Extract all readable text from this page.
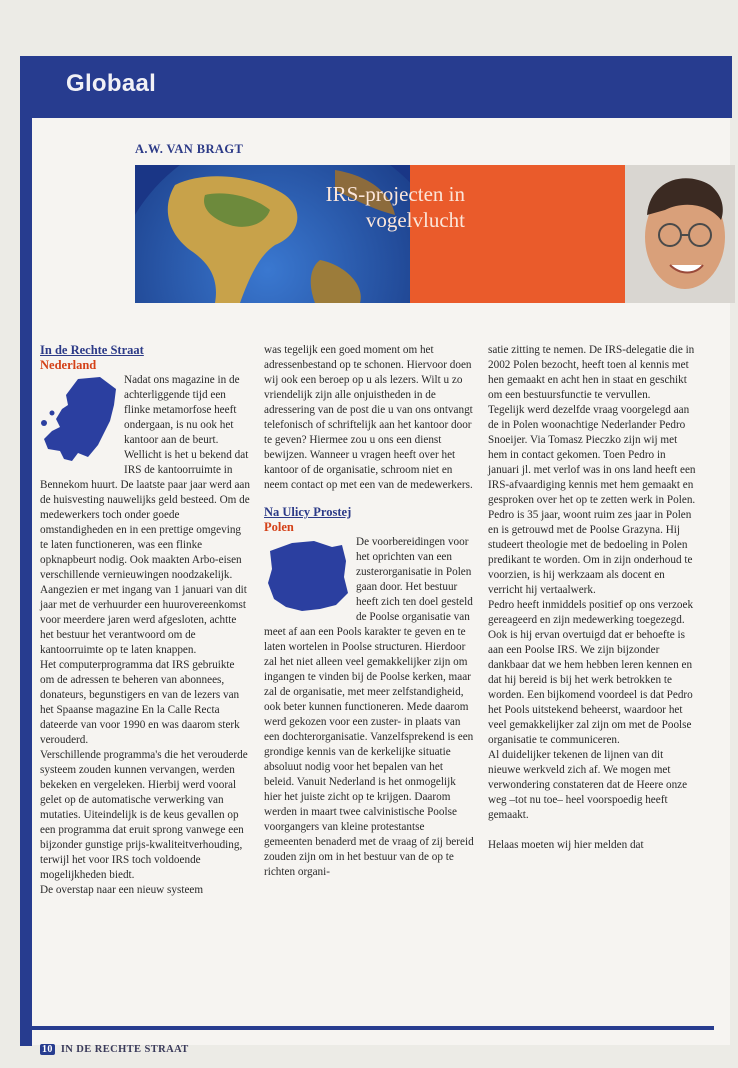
Globaal
A.W. VAN BRAGT
IRS-projecten in
vogelvlucht
In de Rechte Straat
Nederland

Nadat ons magazine in de achterliggende tijd een flinke metamorfose heeft ondergaan, is nu ook het kantoor aan de beurt. Wellicht is het u bekend dat IRS de kantoorruimte in Bennekom huurt. De laatste paar jaar werd aan de huisvesting nauwelijks geld besteed. Om de medewerkers toch onder goede omstandigheden en in een prettige omgeving te laten functioneren, was een flinke opknapbeurt nodig. Ook maakten Arbo-eisen verschillende vernieuwingen noodzakelijk. Aangezien er met ingang van 1 januari van dit jaar met de verhuurder een huurovereenkomst voor meerdere jaren werd afgesloten, achtte het bestuur het verantwoord om de kantoorruimte op te laten knappen.

Het computerprogramma dat IRS gebruikte om de adressen te beheren van abonnees, donateurs, begunstigers en van de lezers van het Spaanse magazine En la Calle Recta dateerde van voor 1990 en was daarom sterk verouderd.

Verschillende programma's die het verouderde systeem zouden kunnen vervangen, werden bekeken en vergeleken. Hierbij werd vooral gelet op de automatische verwerking van mutaties. Uiteindelijk is de keus gevallen op een programma dat eruit sprong vanwege een bijzonder gunstige prijs-kwaliteitverhouding, terwijl het voor IRS toch voldoende mogelijkheden biedt.

De overstap naar een nieuw systeem

was tegelijk een goed moment om het adressenbestand op te schonen. Hiervoor doen wij ook een beroep op u als lezers. Wilt u zo vriendelijk zijn alle onjuistheden in de adressering van de post die u van ons ontvangt telefonisch of schriftelijk aan het kantoor door te geven? Hiermee zou u ons een dienst bewijzen. Wanneer u vragen heeft over het kantoor of de organisatie, schroom niet en neem contact op met een van de medewerkers.

Na Ulicy Prostej
Polen

De voorbereidingen voor het oprichten van een zusterorganisatie in Polen gaan door. Het bestuur heeft zich ten doel gesteld de Poolse organisatie van meet af aan een Pools karakter te geven en te laten wortelen in Poolse structuren. Hierdoor zal het niet alleen veel gemakkelijker zijn om ingangen te vinden bij de Poolse kerken, maar zal de organisatie, met meer zelfstandigheid, ook beter kunnen functioneren. Mede daarom werd gekozen voor een zuster- in plaats van een dochterorganisatie. Vanzelfsprekend is een grondige kennis van de kerkelijke situatie absoluut nodig voor het bepalen van het beleid. Vanuit Nederland is het onmogelijk hier het juiste zicht op te krijgen. Daarom werden in maart twee calvinistische Poolse voorgangers van kleine protestantse gemeenten benaderd met de vraag of zij bereid zouden zijn om in het bestuur van de op te richten organi-

satie zitting te nemen. De IRS-delegatie die in 2002 Polen bezocht, heeft toen al kennis met hen gemaakt en acht hen in staat en geschikt om een bestuursfunctie te vervullen.

Tegelijk werd dezelfde vraag voorgelegd aan de in Polen woonachtige Nederlander Pedro Snoeijer. Via Tomasz Pieczko zijn wij met hem in contact gekomen. Toen Pedro in januari jl. met verlof was in ons land heeft een IRS-afvaardiging kennis met hem gemaakt en gesproken over het op te zetten werk in Polen. Pedro is 35 jaar, woont ruim zes jaar in Polen en is getrouwd met de Poolse Grazyna. Hij studeert theologie met de bedoeling in Polen predikant te worden. Om in zijn onderhoud te voorzien, is hij werkzaam als docent en verricht hij vertaalwerk.

Pedro heeft inmiddels positief op ons verzoek gereageerd en zijn medewerking toegezegd. Ook is hij ervan overtuigd dat er behoefte is aan een Poolse IRS. We zijn bijzonder dankbaar dat we hem hebben leren kennen en dat hij bereid is bij het werk betrokken te worden. Een bijkomend voordeel is dat Pedro het Pools uitstekend beheerst, waardoor het veel gemakkelijker zal zijn om met de Poolse organisatie te communiceren.

Al duidelijker tekenen de lijnen van dit nieuwe werkveld zich af. We mogen met verwondering constateren dat de Heere onze weg –tot nu toe– heel voorspoedig heeft gemaakt.

Helaas moeten wij hier melden dat

10 IN DE RECHTE STRAAT
